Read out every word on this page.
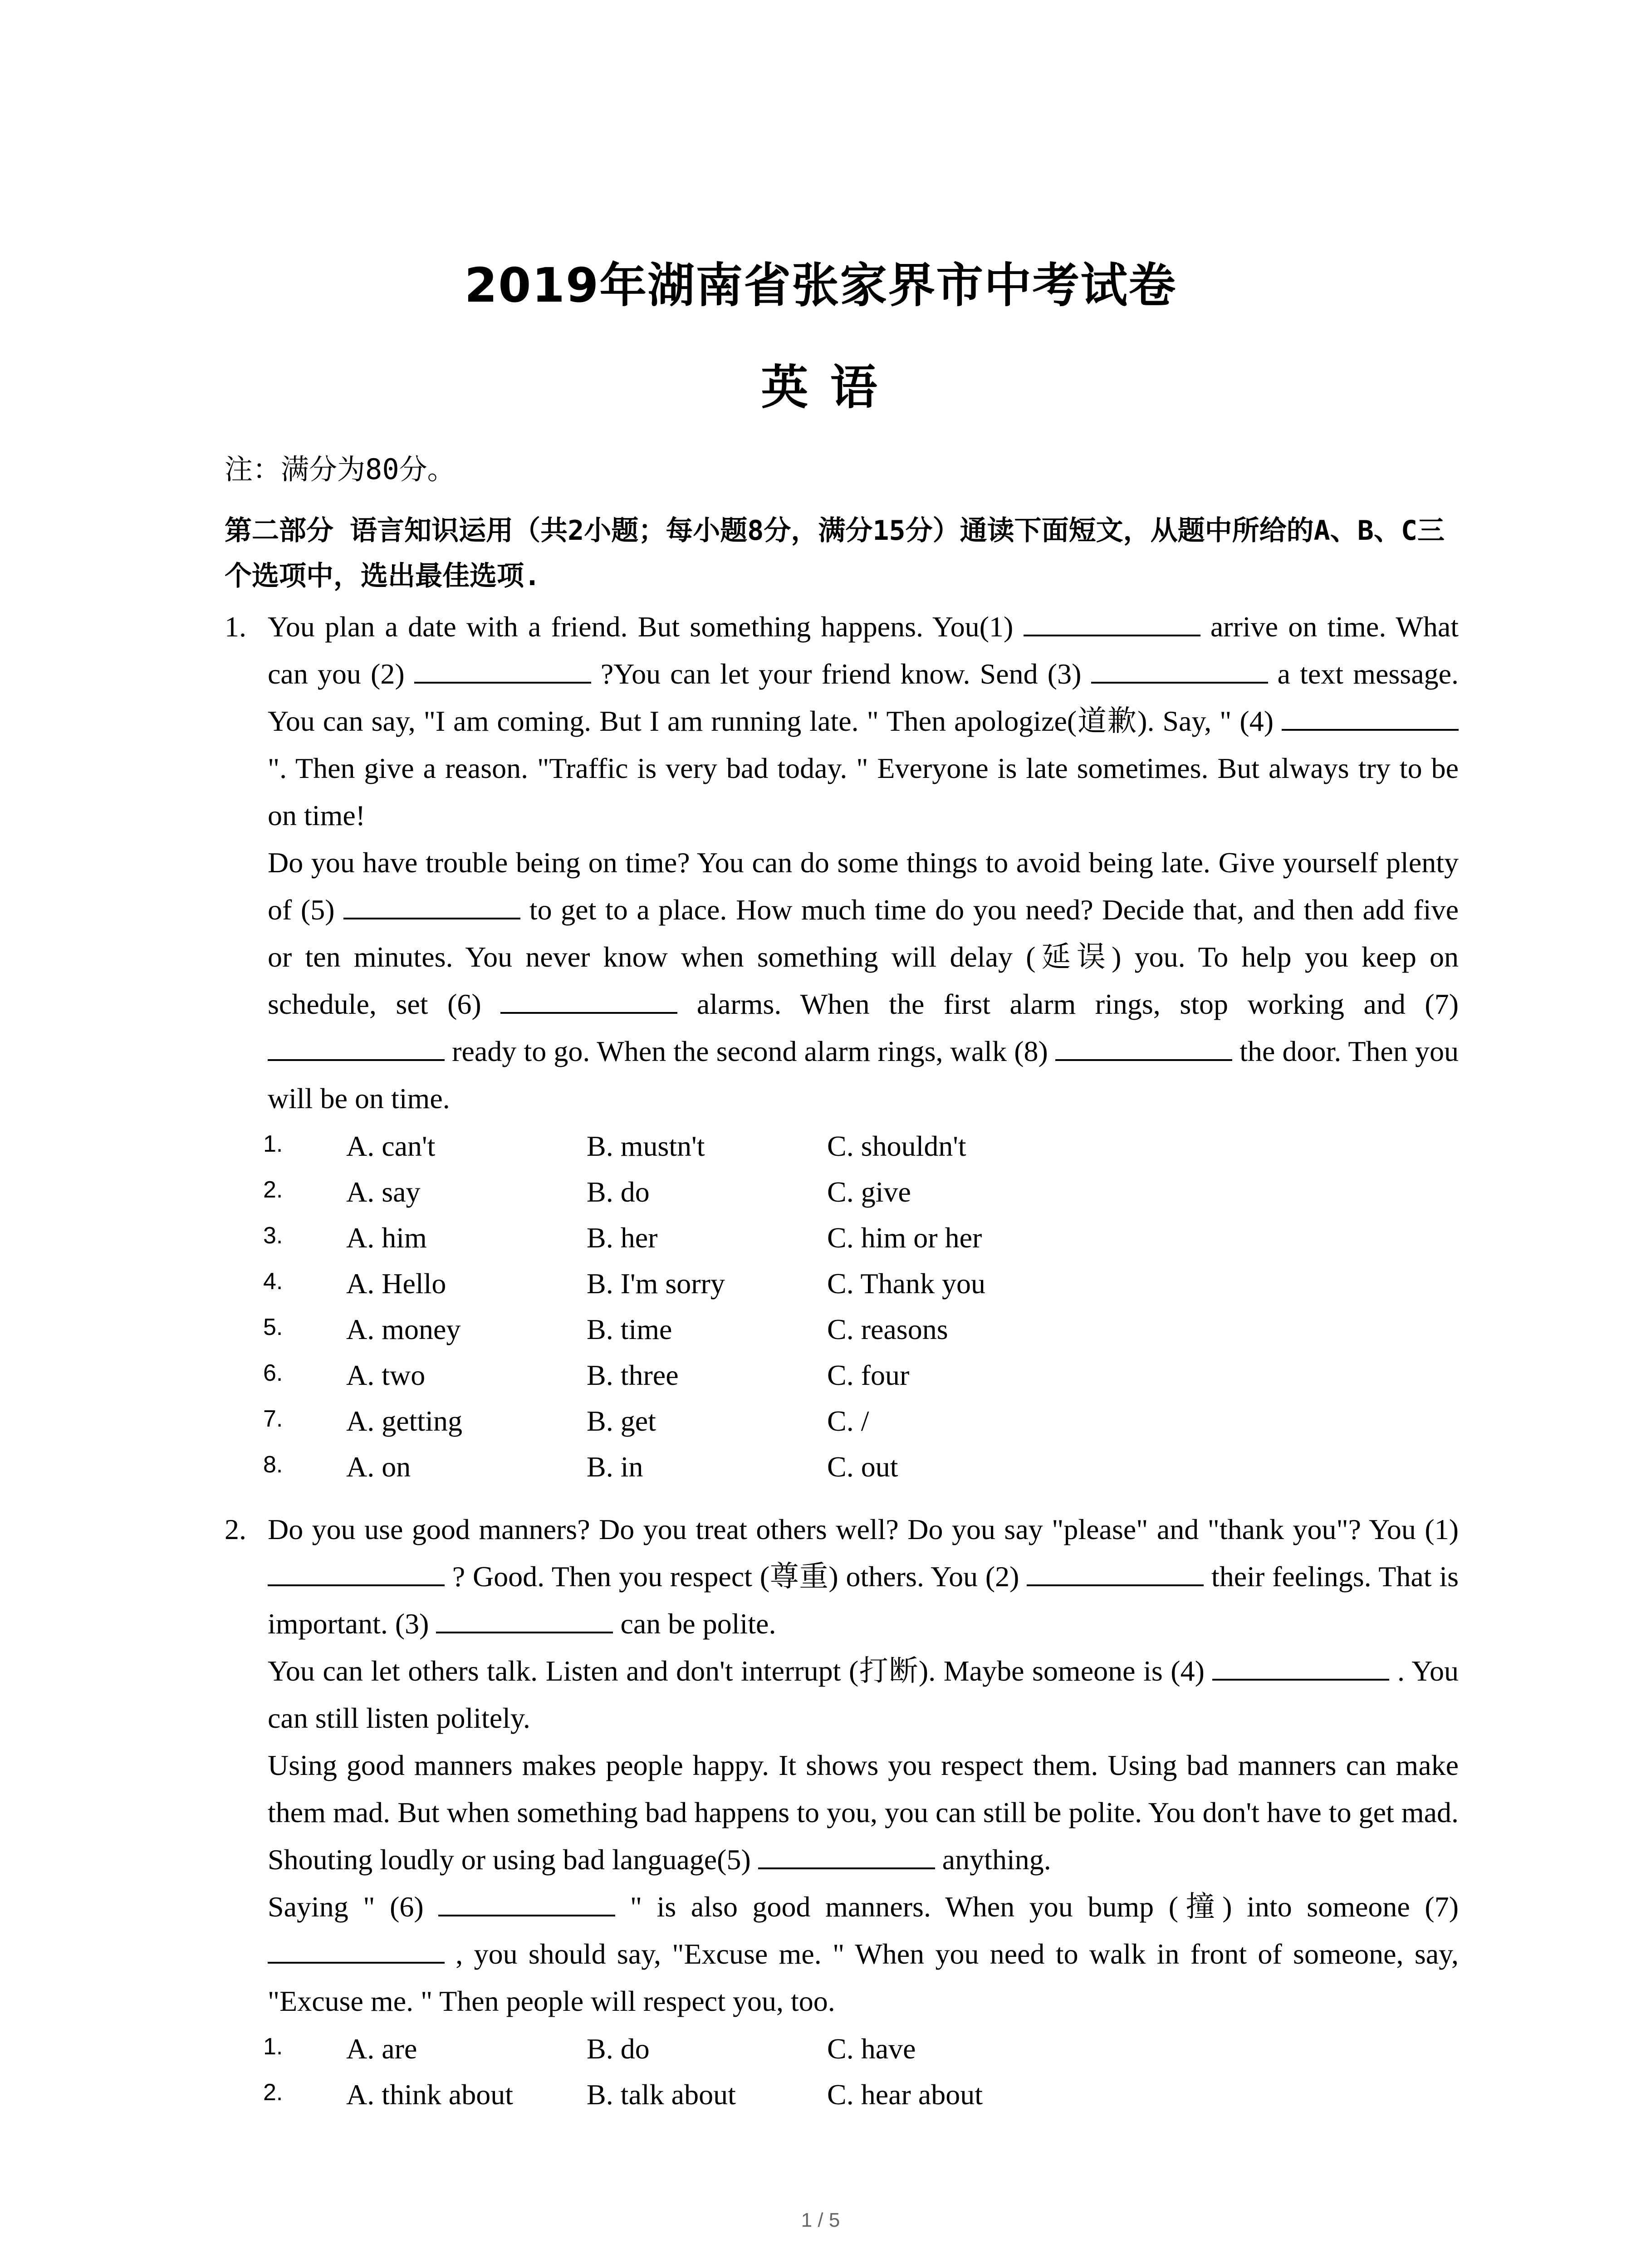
2019年湖南省张家界市中考试卷
英 语
注：满分为80分。
第二部分 语言知识运用（共2小题；每小题8分，满分15分）通读下面短文，从题中所给的A、B、C三个选项中，选出最佳选项.
1. You plan a date with a friend. But something happens. You(1)	arrive on time. What can you (2)	?You can let your friend know. Send (3)	a text message. You can say, "I am coming. But I am running late. " Then apologize(道歉). Say, " (4)  ". Then give a reason. "Traffic is very bad today. " Everyone is late sometimes. But always try to be on time!

Do you have trouble being on time? You can do some things to avoid being late. Give yourself plenty of (5)	to get to a place. How much time do you need? Decide that, and then add five or ten minutes. You never know when something will delay (延误) you. To help you keep on schedule, set (6)	alarms. When the first alarm rings, stop working and (7)  ready to go. When the second alarm rings, walk (8)	the door. Then you will be on time.

1. A. can't	B. mustn't	C. shouldn't
2. A. say	B. do	C. give
3. A. him	B. her	C. him or her
4. A. Hello	B. I'm sorry	C. Thank you
5. A. money	B. time	C. reasons
6. A. two	B. three	C. four
7. A. getting	B. get	C. /
8. A. on	B. in	C. out
2. Do you use good manners? Do you treat others well? Do you say "please" and "thank you"? You (1)  ? Good. Then you respect (尊重) others. You (2)	their feelings. That is important. (3)	can be polite.

You can let others talk. Listen and don't interrupt (打断). Maybe someone is (4)	. You can still listen politely.

Using good manners makes people happy. It shows you respect them. Using bad manners can make them mad. But when something bad happens to you, you can still be polite. You don't have to get mad. Shouting loudly or using bad language(5)	anything.

Saying " (6)	" is also good manners. When you bump (撞) into someone (7)  , you should say, "Excuse me. " When you need to walk in front of someone, say, "Excuse me. " Then people will respect you, too.

1. A. are	B. do	C. have
2. A. think about	B. talk about	C. hear about
1 / 5
